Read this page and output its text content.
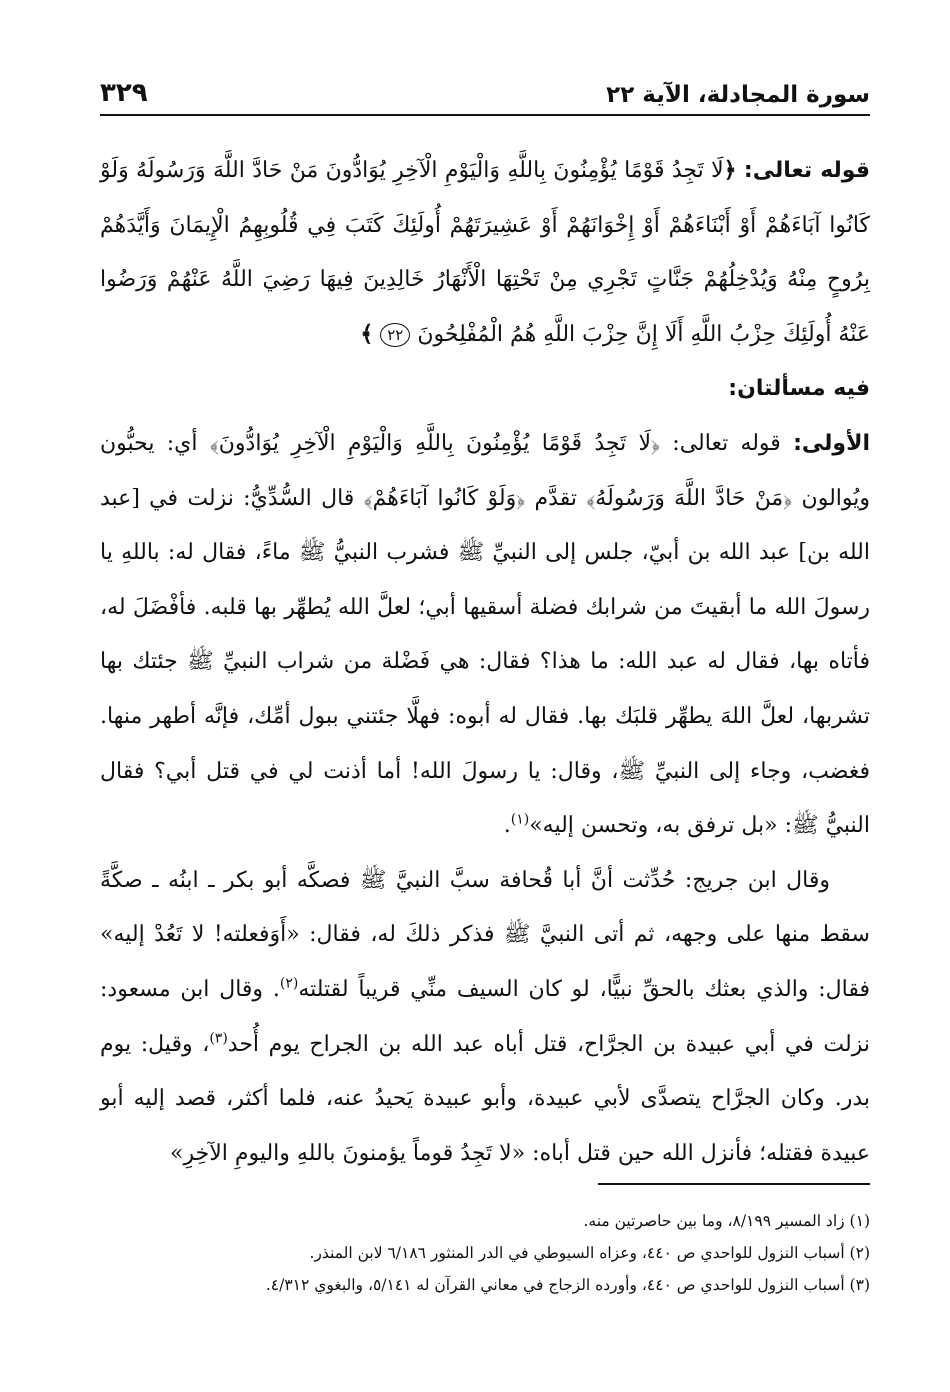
سورة المجادلة، الآية ٢٢
٣٢٩

قوله تعالى: ﴿لَا تَجِدُ قَوْمًا يُؤْمِنُونَ بِاللَّهِ وَالْيَوْمِ الْآخِرِ يُوَادُّونَ مَنْ حَادَّ اللَّهَ وَرَسُولَهُ وَلَوْ كَانُوا آبَاءَهُمْ أَوْ أَبْنَاءَهُمْ أَوْ إِخْوَانَهُمْ أَوْ عَشِيرَتَهُمْ أُولَئِكَ كَتَبَ فِي قُلُوبِهِمُ الْإِيمَانَ وَأَيَّدَهُمْ بِرُوحٍ مِنْهُ وَيُدْخِلُهُمْ جَنَّاتٍ تَجْرِي مِنْ تَحْتِهَا الْأَنْهَارُ خَالِدِينَ فِيهَا رَضِيَ اللَّهُ عَنْهُمْ وَرَضُوا عَنْهُ أُولَئِكَ حِزْبُ اللَّهِ أَلَا إِنَّ حِزْبَ اللَّهِ هُمُ الْمُفْلِحُونَ ٢٢ ﴾

فيه مسألتان:

الأولى: قوله تعالى: ﴿لَا تَجِدُ قَوْمًا يُؤْمِنُونَ بِاللَّهِ وَالْيَوْمِ الْآخِرِ يُوَادُّونَ﴾ أي: يحبُّون ويُوالون ﴿مَنْ حَادَّ اللَّهَ وَرَسُولَهُ﴾ تقدَّم ﴿وَلَوْ كَانُوا آبَاءَهُمْ﴾ قال السُّدِّيُّ: نزلت في [عبد الله بن] عبد الله بن أبيّ، جلس إلى النبيِّ ﷺ فشرب النبيُّ ﷺ ماءً، فقال له: باللهِ يا رسولَ الله ما أبقيتَ من شرابك فضلة أسقيها أبي؛ لعلَّ الله يُطهِّر بها قلبه. فأفْضَلَ له، فأتاه بها، فقال له عبد الله: ما هذا؟ فقال: هي فَضْلة من شراب النبيِّ ﷺ جئتك بها تشربها، لعلَّ اللهَ يطهِّر قلبَك بها. فقال له أبوه: فهلَّا جئتني ببول أمِّك، فإنَّه أطهر منها. فغضب، وجاء إلى النبيِّ ﷺ، وقال: يا رسولَ الله! أما أذنت لي في قتل أبي؟ فقال النبيُّ ﷺ: «بل ترفق به، وتحسن إليه»$^{(١)}$.

وقال ابن جريج: حُدِّثت أنَّ أبا قُحافة سبَّ النبيَّ ﷺ فصكَّه أبو بكر ـ ابنُه ـ صكَّةً سقط منها على وجهه، ثم أتى النبيَّ ﷺ فذكر ذلكَ له، فقال: «أَوَفعلته! لا تَعُدْ إليه» فقال: والذي بعثك بالحقِّ نبيًّا، لو كان السيف منِّي قريباً لقتلته$^{(٢)}$. وقال ابن مسعود: نزلت في أبي عبيدة بن الجرَّاح، قتل أباه عبد الله بن الجراح يوم أُحد$^{(٣)}$، وقيل: يوم بدر. وكان الجرَّاح يتصدَّى لأبي عبيدة، وأبو عبيدة يَحيدُ عنه، فلما أكثر، قصد إليه أبو عبيدة فقتله؛ فأنزل الله حين قتل أباه: «لا تَجِدُ قوماً يؤمنونَ باللهِ واليومِ الآخِرِ»

(١) زاد المسير ٨/١٩٩، وما بين حاصرتين منه.

(٢) أسباب النزول للواحدي ص ٤٤٠، وعزاه السيوطي في الدر المنثور ٦/١٨٦ لابن المنذر.

(٣) أسباب النزول للواحدي ص ٤٤٠، وأورده الزجاج في معاني القرآن له ٥/١٤١، والبغوي ٤/٣١٢.
